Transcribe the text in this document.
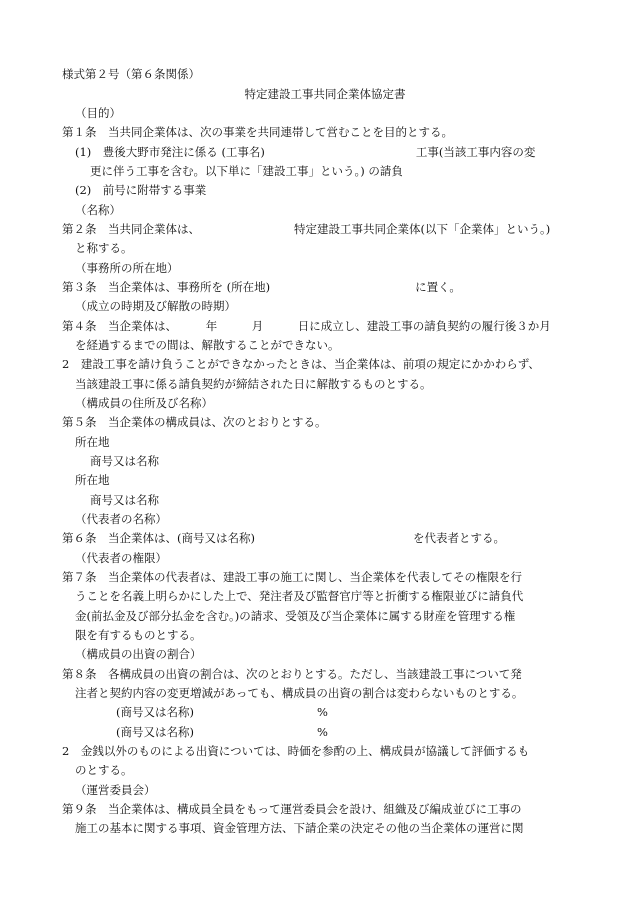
様式第２号（第６条関係）
特定建設工事共同企業体協定書
（目的）
第１条　当共同企業体は、次の事業を共同連帯して営むことを目的とする。
(1)　豊後大野市発注に係る (工事名)	工事(当該工事内容の変
更に伴う工事を含む。以下単に「建設工事」という。) の請負
(2)　前号に附帯する事業
（名称）
第２条　当共同企業体は、	特定建設工事共同企業体(以下「企業体」という。)
と称する。
（事務所の所在地）
第３条　当企業体は、事務所を (所在地)	に置く。
（成立の時期及び解散の時期）
第４条　当企業体は、　　　年　　　月　　　日に成立し、建設工事の請負契約の履行後３か月
を経過するまでの間は、解散することができない。
2　建設工事を請け負うことができなかったときは、当企業体は、前項の規定にかかわらず、
当該建設工事に係る請負契約が締結された日に解散するものとする。
（構成員の住所及び名称）
第５条　当企業体の構成員は、次のとおりとする。
所在地
商号又は名称
所在地
商号又は名称
（代表者の名称）
第６条　当企業体は、(商号又は名称)	を代表者とする。
（代表者の権限）
第７条　当企業体の代表者は、建設工事の施工に関し、当企業体を代表してその権限を行
うことを名義上明らかにした上で、発注者及び監督官庁等と折衝する権限並びに請負代
金(前払金及び部分払金を含む。)の請求、受領及び当企業体に属する財産を管理する権
限を有するものとする。
（構成員の出資の割合）
第８条　各構成員の出資の割合は、次のとおりとする。ただし、当該建設工事について発
注者と契約内容の変更増減があっても、構成員の出資の割合は変わらないものとする。
(商号又は名称)	%
(商号又は名称)	%
2　金銭以外のものによる出資については、時価を参酌の上、構成員が協議して評価するも
のとする。
（運営委員会）
第９条　当企業体は、構成員全員をもって運営委員会を設け、組織及び編成並びに工事の
施工の基本に関する事項、資金管理方法、下請企業の決定その他の当企業体の運営に関
